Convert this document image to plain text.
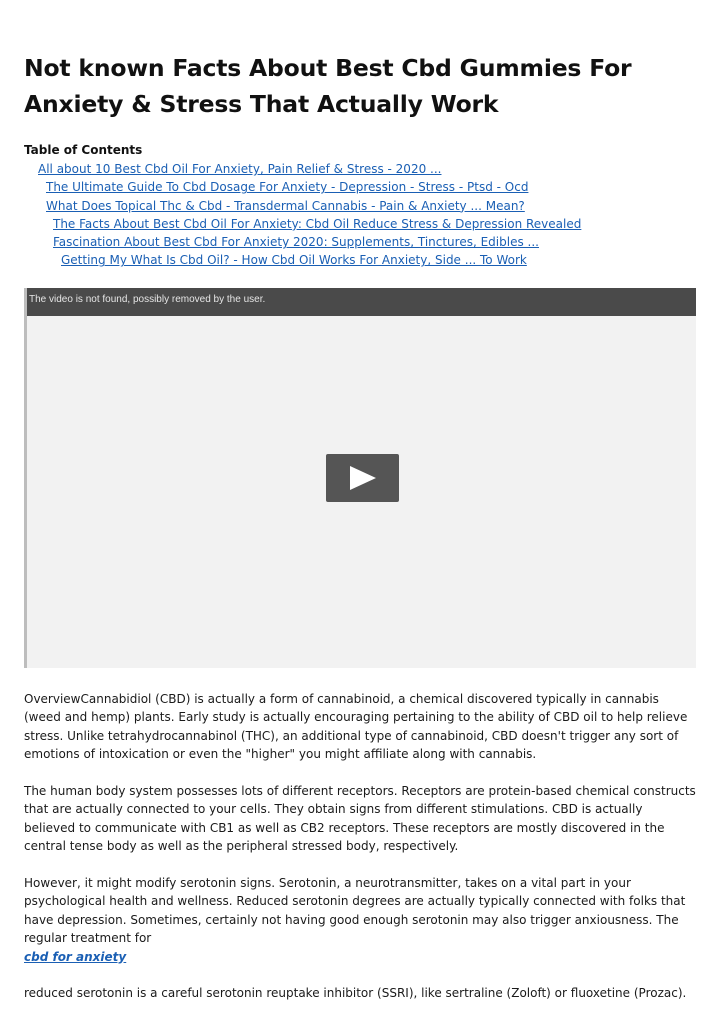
Not known Facts About Best Cbd Gummies For Anxiety & Stress That Actually Work
Table of Contents
All about 10 Best Cbd Oil For Anxiety, Pain Relief & Stress - 2020 ...
The Ultimate Guide To Cbd Dosage For Anxiety - Depression - Stress - Ptsd - Ocd
What Does Topical Thc & Cbd - Transdermal Cannabis - Pain & Anxiety ... Mean?
The Facts About Best Cbd Oil For Anxiety: Cbd Oil Reduce Stress & Depression Revealed
Fascination About Best Cbd For Anxiety 2020: Supplements, Tinctures, Edibles ...
Getting My What Is Cbd Oil? - How Cbd Oil Works For Anxiety, Side ... To Work
The video is not found, possibly removed by the user.

OverviewCannabidiol (CBD) is actually a form of cannabinoid, a chemical discovered typically in cannabis (weed and hemp) plants. Early study is actually encouraging pertaining to the ability of CBD oil to help relieve stress. Unlike tetrahydrocannabinol (THC), an additional type of cannabinoid, CBD doesn't trigger any sort of emotions of intoxication or even the "higher" you might affiliate along with cannabis.

The human body system possesses lots of different receptors. Receptors are protein-based chemical constructs that are actually connected to your cells. They obtain signs from different stimulations. CBD is actually believed to communicate with CB1 as well as CB2 receptors. These receptors are mostly discovered in the central tense body as well as the peripheral stressed body, respectively.

However, it might modify serotonin signs. Serotonin, a neurotransmitter, takes on a vital part in your psychological health and wellness. Reduced serotonin degrees are actually typically connected with folks that have depression. Sometimes, certainly not having good enough serotonin may also trigger anxiousness. The regular treatment for
cbd for anxiety

reduced serotonin is a careful serotonin reuptake inhibitor (SSRI), like sertraline (Zoloft) or fluoxetine (Prozac).
